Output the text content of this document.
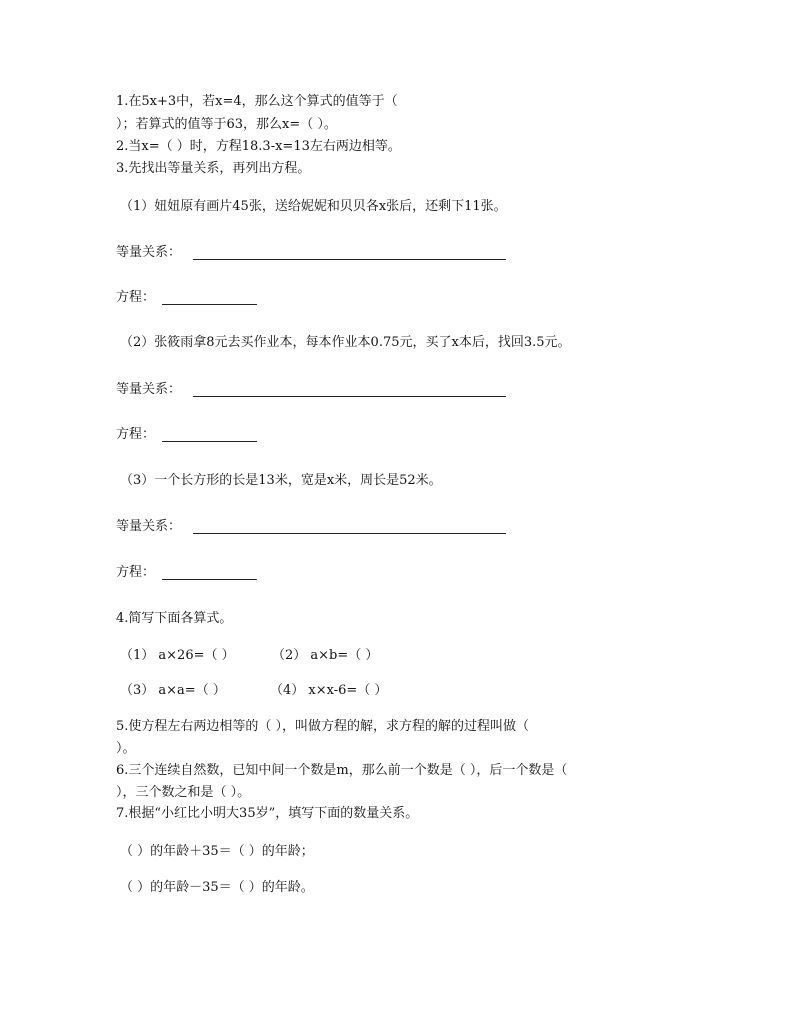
1.在5x+3中，若x=4，那么这个算式的值等于（
）；若算式的值等于63，那么x=（ ）。
2.当x=（ ）时，方程18.3-x=13左右两边相等。
3.先找出等量关系，再列出方程。
（1）妞妞原有画片45张，送给妮妮和贝贝各x张后，还剩下11张。
等量关系：
方程：
（2）张筱雨拿8元去买作业本，每本作业本0.75元，买了x本后，找回3.5元。
等量关系：
方程：
（3）一个长方形的长是13米，宽是x米，周长是52米。
等量关系：
方程：
4.简写下面各算式。
（1） a×26=（ ）	（2） a×b=（ ）
（3） a×a=（ ）	（4） x×x-6=（ ）
5.使方程左右两边相等的（ ），叫做方程的解，求方程的解的过程叫做（
）。
6.三个连续自然数，已知中间一个数是m，那么前一个数是（ ），后一个数是（
），三个数之和是（ ）。
7.根据“小红比小明大35岁”，填写下面的数量关系。
（ ）的年龄＋35＝（ ）的年龄；
（ ）的年龄－35＝（ ）的年龄。
